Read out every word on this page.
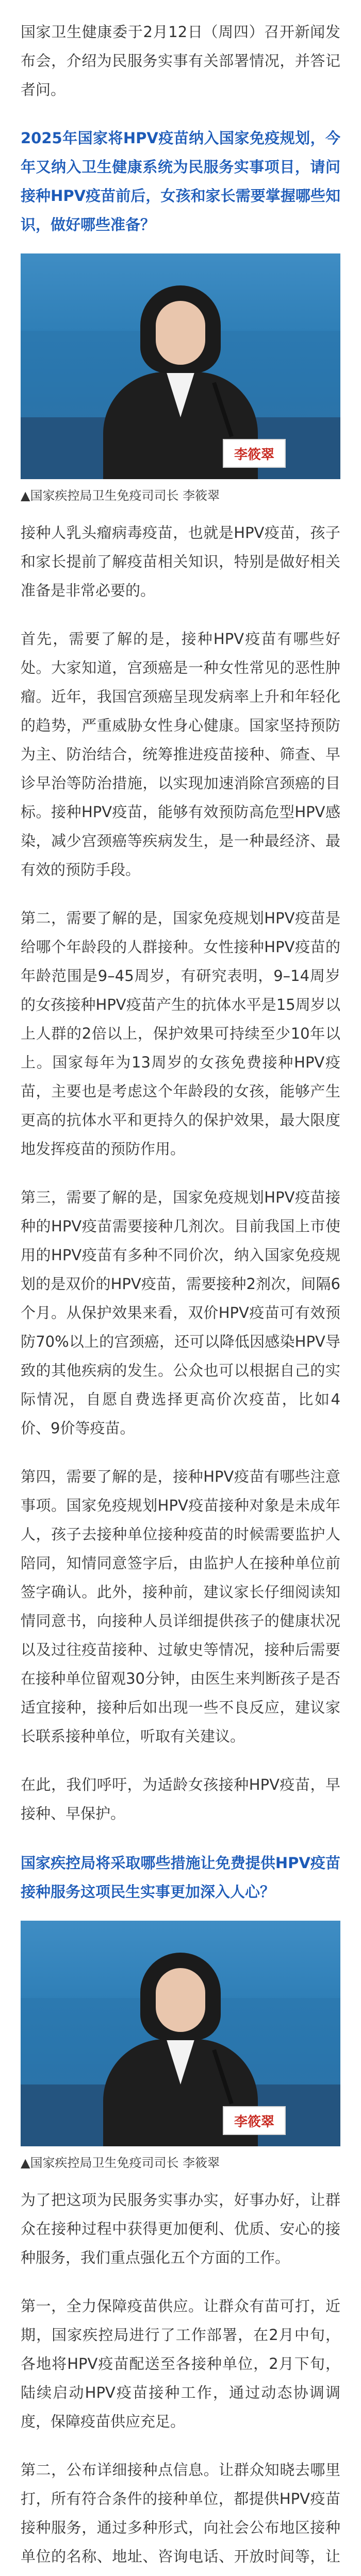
国家卫生健康委于2月12日（周四）召开新闻发布会，介绍为民服务实事有关部署情况，并答记者问。

2025年国家将HPV疫苗纳入国家免疫规划，今年又纳入卫生健康系统为民服务实事项目，请问接种HPV疫苗前后，女孩和家长需要掌握哪些知识，做好哪些准备？

李筱翠

▲国家疾控局卫生免疫司司长 李筱翠

接种人乳头瘤病毒疫苗，也就是HPV疫苗，孩子和家长提前了解疫苗相关知识，特别是做好相关准备是非常必要的。

首先，需要了解的是，接种HPV疫苗有哪些好处。大家知道，宫颈癌是一种女性常见的恶性肿瘤。近年，我国宫颈癌呈现发病率上升和年轻化的趋势，严重威胁女性身心健康。国家坚持预防为主、防治结合，统筹推进疫苗接种、筛查、早诊早治等防治措施，以实现加速消除宫颈癌的目标。接种HPV疫苗，能够有效预防高危型HPV感染，减少宫颈癌等疾病发生，是一种最经济、最有效的预防手段。

第二，需要了解的是，国家免疫规划HPV疫苗是给哪个年龄段的人群接种。女性接种HPV疫苗的年龄范围是9–45周岁，有研究表明，9–14周岁的女孩接种HPV疫苗产生的抗体水平是15周岁以上人群的2倍以上，保护效果可持续至少10年以上。国家每年为13周岁的女孩免费接种HPV疫苗，主要也是考虑这个年龄段的女孩，能够产生更高的抗体水平和更持久的保护效果，最大限度地发挥疫苗的预防作用。

第三，需要了解的是，国家免疫规划HPV疫苗接种的HPV疫苗需要接种几剂次。目前我国上市使用的HPV疫苗有多种不同价次，纳入国家免疫规划的是双价的HPV疫苗，需要接种2剂次，间隔6个月。从保护效果来看，双价HPV疫苗可有效预防70%以上的宫颈癌，还可以降低因感染HPV导致的其他疾病的发生。公众也可以根据自己的实际情况，自愿自费选择更高价次疫苗，比如4价、9价等疫苗。

第四，需要了解的是，接种HPV疫苗有哪些注意事项。国家免疫规划HPV疫苗接种对象是未成年人，孩子去接种单位接种疫苗的时候需要监护人陪同，知情同意签字后，由监护人在接种单位前签字确认。此外，接种前，建议家长仔细阅读知情同意书，向接种人员详细提供孩子的健康状况以及过往疫苗接种、过敏史等情况，接种后需要在接种单位留观30分钟，由医生来判断孩子是否适宜接种，接种后如出现一些不良反应，建议家长联系接种单位，听取有关建议。

在此，我们呼吁，为适龄女孩接种HPV疫苗，早接种、早保护。

国家疾控局将采取哪些措施让免费提供HPV疫苗接种服务这项民生实事更加深入人心？

李筱翠

▲国家疾控局卫生免疫司司长 李筱翠

为了把这项为民服务实事办实，好事办好，让群众在接种过程中获得更加便利、优质、安心的接种服务，我们重点强化五个方面的工作。

第一，全力保障疫苗供应。让群众有苗可打，近期，国家疾控局进行了工作部署，在2月中旬，各地将HPV疫苗配送至各接种单位，2月下旬，陆续启动HPV疫苗接种工作，通过动态协调调度，保障疫苗供应充足。

第二，公布详细接种点信息。让群众知晓去哪里打，所有符合条件的接种单位，都提供HPV疫苗接种服务，通过多种形式，向社会公布地区接种单位的名称、地址、咨询电话、开放时间等，让
